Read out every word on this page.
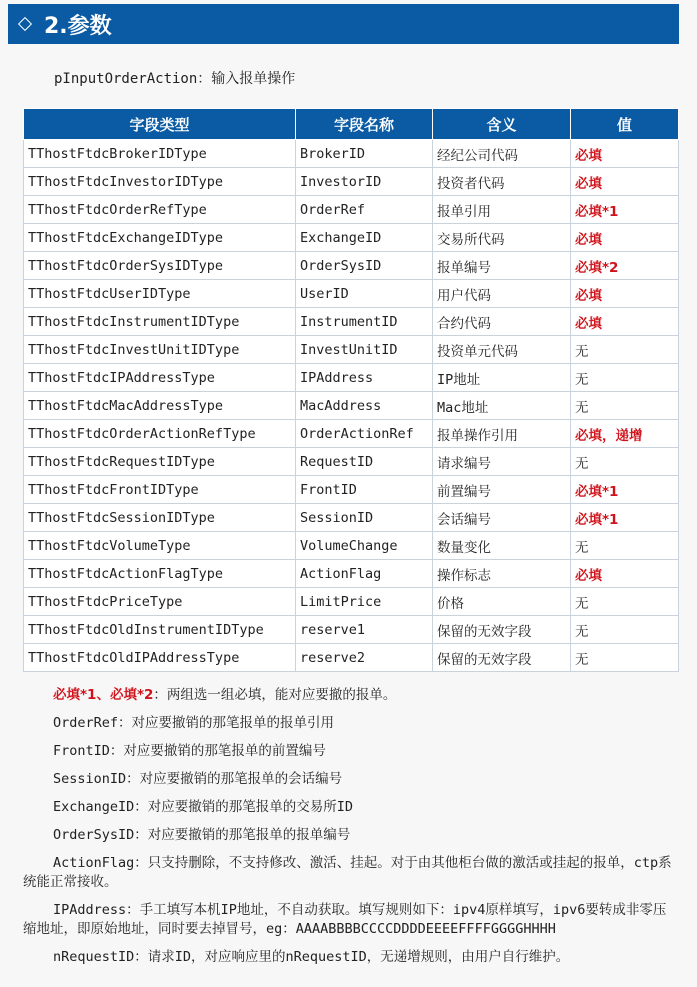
2.参数
pInputOrderAction：输入报单操作
字段类型	字段名称	含义	值
TThostFtdcBrokerIDType	BrokerID	经纪公司代码	必填
TThostFtdcInvestorIDType	InvestorID	投资者代码	必填
TThostFtdcOrderRefType	OrderRef	报单引用	必填*1
TThostFtdcExchangeIDType	ExchangeID	交易所代码	必填
TThostFtdcOrderSysIDType	OrderSysID	报单编号	必填*2
TThostFtdcUserIDType	UserID	用户代码	必填
TThostFtdcInstrumentIDType	InstrumentID	合约代码	必填
TThostFtdcInvestUnitIDType	InvestUnitID	投资单元代码	无
TThostFtdcIPAddressType	IPAddress	IP地址	无
TThostFtdcMacAddressType	MacAddress	Mac地址	无
TThostFtdcOrderActionRefType	OrderActionRef	报单操作引用	必填，递增
TThostFtdcRequestIDType	RequestID	请求编号	无
TThostFtdcFrontIDType	FrontID	前置编号	必填*1
TThostFtdcSessionIDType	SessionID	会话编号	必填*1
TThostFtdcVolumeType	VolumeChange	数量变化	无
TThostFtdcActionFlagType	ActionFlag	操作标志	必填
TThostFtdcPriceType	LimitPrice	价格	无
TThostFtdcOldInstrumentIDType	reserve1	保留的无效字段	无
TThostFtdcOldIPAddressType	reserve2	保留的无效字段	无
必填*1、必填*2：两组选一组必填，能对应要撤的报单。
OrderRef：对应要撤销的那笔报单的报单引用
FrontID：对应要撤销的那笔报单的前置编号
SessionID：对应要撤销的那笔报单的会话编号
ExchangeID：对应要撤销的那笔报单的交易所ID
OrderSysID：对应要撤销的那笔报单的报单编号
ActionFlag：只支持删除，不支持修改、激活、挂起。对于由其他柜台做的激活或挂起的报单，ctp系统能正常接收。
IPAddress：手工填写本机IP地址，不自动获取。填写规则如下：ipv4原样填写，ipv6要转成非零压缩地址，即原始地址，同时要去掉冒号，eg：AAAABBBBCCCCDDDDEEEEFFFFGGGGHHHH
nRequestID：请求ID，对应响应里的nRequestID，无递增规则，由用户自行维护。
